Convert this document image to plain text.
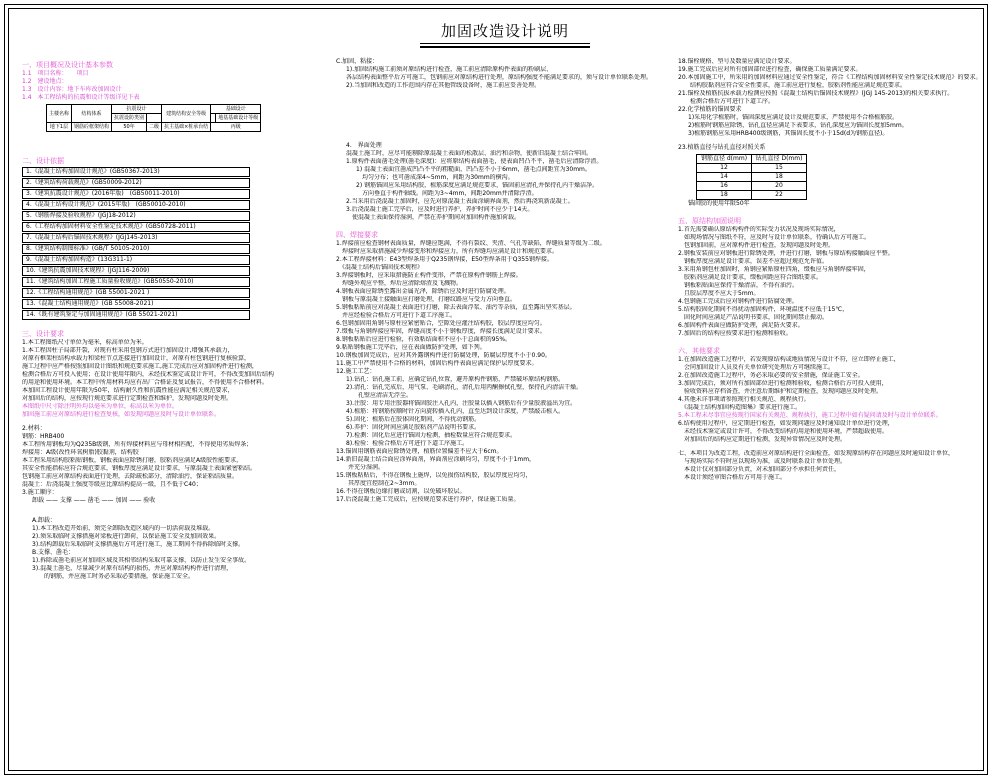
加固改造设计说明
一、项目概况及设计基本参数
1.1　项目名称：　　项目
1.2　建设地点：
1.3　设计内容：地下车库改加固设计
1.4　本工程结构的抗震和设计等级详见下表
主楼名称	结构体系	抗震设计		建筑结构安全等级	基础设计	
		抗震设防类别				地基基础设计等级
地下1层	钢筋砼框架结构	50年	二级	抗主基础×桩承台结	丙级	
二、设计依据
1.《混凝土结构加固设计规范》(GB50367-2013)
2.《建筑结构荷载规范》(GB50009-2012)
3.《建筑抗震设计规范》(2016年版)　(GB50011-2010)
4.《混凝土结构设计规范》(2015年版)　(GB50010-2010)
5.《钢筋焊接及验收规程》(JGJ18-2012)
6.《工程结构加固材料安全性鉴定技术规范》(GB50728-2011)
7.《混凝土结构后锚固技术规程》(JGJ145-2013)
8.《建筑结构制图标准》(GB/T 50105-2010)
9.《混凝土结构加固构造》(13G311-1)
10.《建筑抗震加固技术规程》(JGJ116-2009)
11.《建筑结构加固工程施工质量验收规范》(GB50550-2010)
12.《工程结构通用规范》(GB 55001-2021 )
13.《混凝土结构通用规范》(GB 55008-2021)
14.《既有建筑鉴定与加固通用规范》(GB 55021-2021)
三、设计要求
1.本工程图纸尺寸单位为毫米，标高单位为米。
1.本工程因柱子局部开裂，对现有柱采用包钢方式进行加固设计,增强其承载力，
对原有框架柱结构承载力和梁柱节点连接进行加固设计，对原有柱包钢进行复核验算，
施工过程中应严格按照加固设计图纸和规范要求施工,施工完成后应对加固构件进行检测，
检测合格后方可投入使用；在设计使用年限内，未经技术鉴定或设计许可，不得改变加固后结构
的用途和使用环境。本工程中所用材料均应有出厂合格证及复试报告，不得使用不合格材料。
本加固工程设计使用年限为50年，结构耐久性和抗震性能应满足相关规范要求，
对加固后的结构，应按现行规范要求进行定期检查和维护，发现问题及时处理。
本图纸中尺寸除注明外均以毫米为单位，标高以米为单位。
加固施工前应对原结构进行检查复核，如发现问题应及时与设计单位联系。
2.材料：
钢筋：HRB400
本工程所用钢板均为Q235B级钢，所有焊接材料应与母材相匹配，不得使用劣质焊条；
焊接用：A级(改性环氧树脂)胶黏剂，结构胶
本工程采用结构胶粘贴钢板，钢板表面应除锈打磨，胶粘剂应满足A级胶性能要求，
其安全性能指标应符合规范要求，钢板厚度应满足设计要求，与原混凝土表面紧密粘结。
包钢施工前应对原结构表面进行处理，去除疏松部分，清除油污，保证粘结质量。
混凝土：后浇混凝土强度等级应比原结构提高一级，且不低于C40；
3.施工顺序：
卸载 —— 支撑 —— 凿毛 —— 加固 —— 验收
A.卸载：
1).本工程改造开始前，须完全卸除改造区域内的一切活荷载及堆载。
2).须采取临时支撑措施对梁板进行卸荷，以保证施工安全及加固效果。
3).结构卸载后采取临时支撑措施后方可进行施工，施工期间不得拆除临时支撑。
B.支撑、凿毛：
1).拆除或凿毛前应对加固区域及其相邻结构采取可靠支撑，以防止发生安全事故。
3).混凝土凿毛，尽量减少对原有结构的损伤，并应对原结构构件进行清理，
　　的钢筋，并应施工时务必采取必要措施，保证施工安全。
C.加固，粘接：
1).加固结构施工前须对原结构进行检查，施工前应清除原构件表面的粉刷层、
各层结构表面整平后方可施工，包钢前应对原结构进行处理，原结构强度不能满足要求的，须与设计单位联系处理。
2).当加固和改造的工作范围内存在其他管线设备时，施工前应妥善处理。
4.　界面处理
混凝土施工时，应尽可能剔除原混凝土表面的松散层、油污和杂物，使新旧混凝土结合牢固。
1.原构件表面凿毛处理(凿毛深度)：应将原结构表面凿毛，使表面凹凸不平，凿毛后应清除浮渣。
1) 混凝土表面宜凿成凹凸不平的粗糙面，凹凸差不小于6mm，凿毛点间距宜为30mm。
　均匀分布；也可凿成深4~5mm，间距为30mm的横沟。
2) 钢筋锚固应采用结构胶，植筋深度应满足规范要求，锚固前应清孔并保持孔内干燥洁净。
　方向垂直于构件轴线。间距为3~4mm，间距20mm并清除浮渣。
2.当采用后浇混凝土加固时，应先对原混凝土表面涂刷界面剂，然后再浇筑新混凝土。
3.后浇混凝土施工完毕后，应及时进行养护，养护时间不应少于14天。
　使混凝土表面保持湿润，严禁在养护期间对加固构件施加荷载。
四、焊接要求
1.焊接前应检查钢材表面质量，焊缝应饱满，不得有裂纹、夹渣、气孔等缺陷，焊缝质量等级为二级。
　焊接时应采取措施减少焊接变形和焊接应力，所有焊缝均应满足设计和规范要求。
2.本工程焊接材料：E43型焊条用于Q235钢焊接，E50型焊条用于Q355钢焊接。
　《混凝土结构后锚固技术规程》
3.焊接钢板时，应采取措施防止构件变形，严禁在原构件钢筋上焊接。
　焊缝外观应平整，焊后应清除熔渣及飞溅物。
4.钢板表面应除锈至露出金属光泽，除锈后应及时进行防腐处理。
　钢板与原混凝土接触面应打磨处理，打磨纹路应与受力方向垂直。
5.钢板粘贴前应对混凝土表面进行打磨，除去表面浮浆、油污等杂质，直至露出坚实基层。
　并应经检验合格后方可进行下道工序施工。
6.包钢加固用角钢与原柱应紧密贴合，空隙处应灌注结构胶，胶层厚度应均匀。
7.缀板与角钢焊接应牢固，焊缝高度不小于钢板厚度，焊接长度满足设计要求。
8.钢板粘贴后应进行检验，有效粘结面积不应小于总面积的95%。
9.粘贴钢板施工完毕后，应在表面做防护处理，如下列。
10.钢板加固完成后，应对其外露钢构件进行防腐处理，防腐层厚度不小于0.90。
11.施工中严禁使用不合格的材料，加固后构件表面应满足保护层厚度要求。
12.施工工艺：
1).钻孔：钻孔施工前，应确定钻孔位置，避开原构件钢筋，严禁破坏原结构钢筋。
2).清孔：钻孔完成后，用气泵、毛刷清孔，清孔后用丙酮擦拭孔壁，保持孔内清洁干燥。
　　孔壁应清洁无浮尘。
3).注胶：用专用注胶器将锚固胶注入孔内，注胶量以插入钢筋后有少量胶液溢出为宜。
4).植筋：将钢筋按顺时针方向旋转插入孔内，直至达到设计深度，严禁敲击植入。
5).固化：植筋后在胶体固化期间，不得扰动钢筋。
6).养护：固化时间应满足胶粘剂产品说明书要求。
7).检测：固化后应进行锚固力检测，抽检数量应符合规范要求。
8).检验：检验合格后方可进行下道工序施工。
13.锚固用钢筋表面应除锈处理，植筋位置偏差不应大于6cm。
14.新旧混凝土结合面应涂界面剂，界面剂应涂刷均匀，厚度不小于1mm，
　　并充分湿润。
15.钢板粘贴后，不得在钢板上施焊，以免损伤结构胶，胶层厚度应均匀，
　　其厚度宜控制在2~3mm。
16.不得在钢板边缘打磨或切割，以免破坏胶层。
17.后浇混凝土施工完成后，应按规范要求进行养护，保证施工质量。
18.锚栓规格、型号及数量应满足设计要求。
19.施工完成后应对所有加固部位进行检查，确保施工质量满足要求。
20.本加固施工中，所采用的加固材料应通过安全性鉴定，符合《工程结构加固材料安全性鉴定技术规范》的要求。
　　结构胶黏剂应符合安全性要求，施工前应进行复检，胶粘剂性能应满足规范要求。
21.锚栓及植筋抗拔承载力检测应按照《混凝土结构后锚固技术规程》(JGJ 145-2013)的相关要求执行。
　　检测合格后方可进行下道工序。
22.化学植筋的锚固要求
1)采用化学植筋时，锚固深度应满足设计及规范要求，严禁使用不合格植筋胶。
2)植筋时钢筋应除锈，钻孔直径应满足下表要求，钻孔深度应为锚固长度加5mm。
3)植筋钢筋应采用HRB400级钢筋，其锚固长度不小于15d(d为钢筋直径)。
23.植筋直径与钻孔直径对照关系
钢筋直径 d(mm)	钻孔直径 D(mm)
12	15
14	18
16	20
18	22
锚固胶的使用年限50年
五、原结构加固说明
1.首先需要确认原结构构件的实际受力状况及现场实际情况，
　如现场情况与图纸不符，应及时与设计单位联系，待确认后方可施工。
　包钢加固前，应对原构件进行检查，发现问题及时处理。
2.钢板安装前应对钢板进行除锈处理，并进行打磨，钢板与原结构接触面应平整。
　钢板厚度应满足设计要求，误差不应超过规范允许值。
3.采用角钢包柱加固时，角钢应紧贴原柱四角，缀板应与角钢焊接牢固，
　胶粘剂应满足设计要求，缀板间距应符合图纸要求。
　钢板粘贴面应保持干燥清洁，不得有油污。
　且胶层厚度不应大于5mm。
4.包钢施工完成后应对钢构件进行防腐处理。
5.结构胶固化期间不得扰动加固构件，环境温度不应低于15℃，
　固化时间应满足产品说明书要求，固化期间禁止振动。
6.加固构件表面应做防护处理，满足防火要求。
7.加固后的结构应按要求进行检测和验收。
六、其他要求
1.在加固改造施工过程中，若发现原结构或地质情况与设计不符，应立即停止施工，
　会同加固设计人员及有关单位研究处理后方可继续施工。
2.在加固改造施工过程中，务必采取必要的安全措施，保证施工安全。
3.加固完成后，须对所有加固部位进行检测和验收，检测合格后方可投入使用，
　验收资料应存档备查，并注意后期维护和定期检查，发现问题应及时处理。
4.其他未详事项请参照现行相关规范、规程执行。
　《混凝土结构加固构造图集》要求进行施工。
5.本工程未尽事宜应按现行国家有关规范、规程执行，施工过程中如有疑问请及时与设计单位联系。
6.结构使用过程中，应定期进行检查，如发现问题应及时通知设计单位进行处理，
　未经技术鉴定或设计许可，不得改变结构的用途和使用环境，严禁超载使用。
　对加固后的结构应定期进行检测，发现异常情况应及时处理。
七、本项目为改造工程，改造前应对原结构进行全面检查，如发现原结构存在问题应及时通知设计单位，
　与现场实际不符时应以现场为准，或及时联系设计单位处理。
　本设计仅对加固部分负责，对未加固部分不承担任何责任，
　本设计须经审图合格后方可用于施工。
